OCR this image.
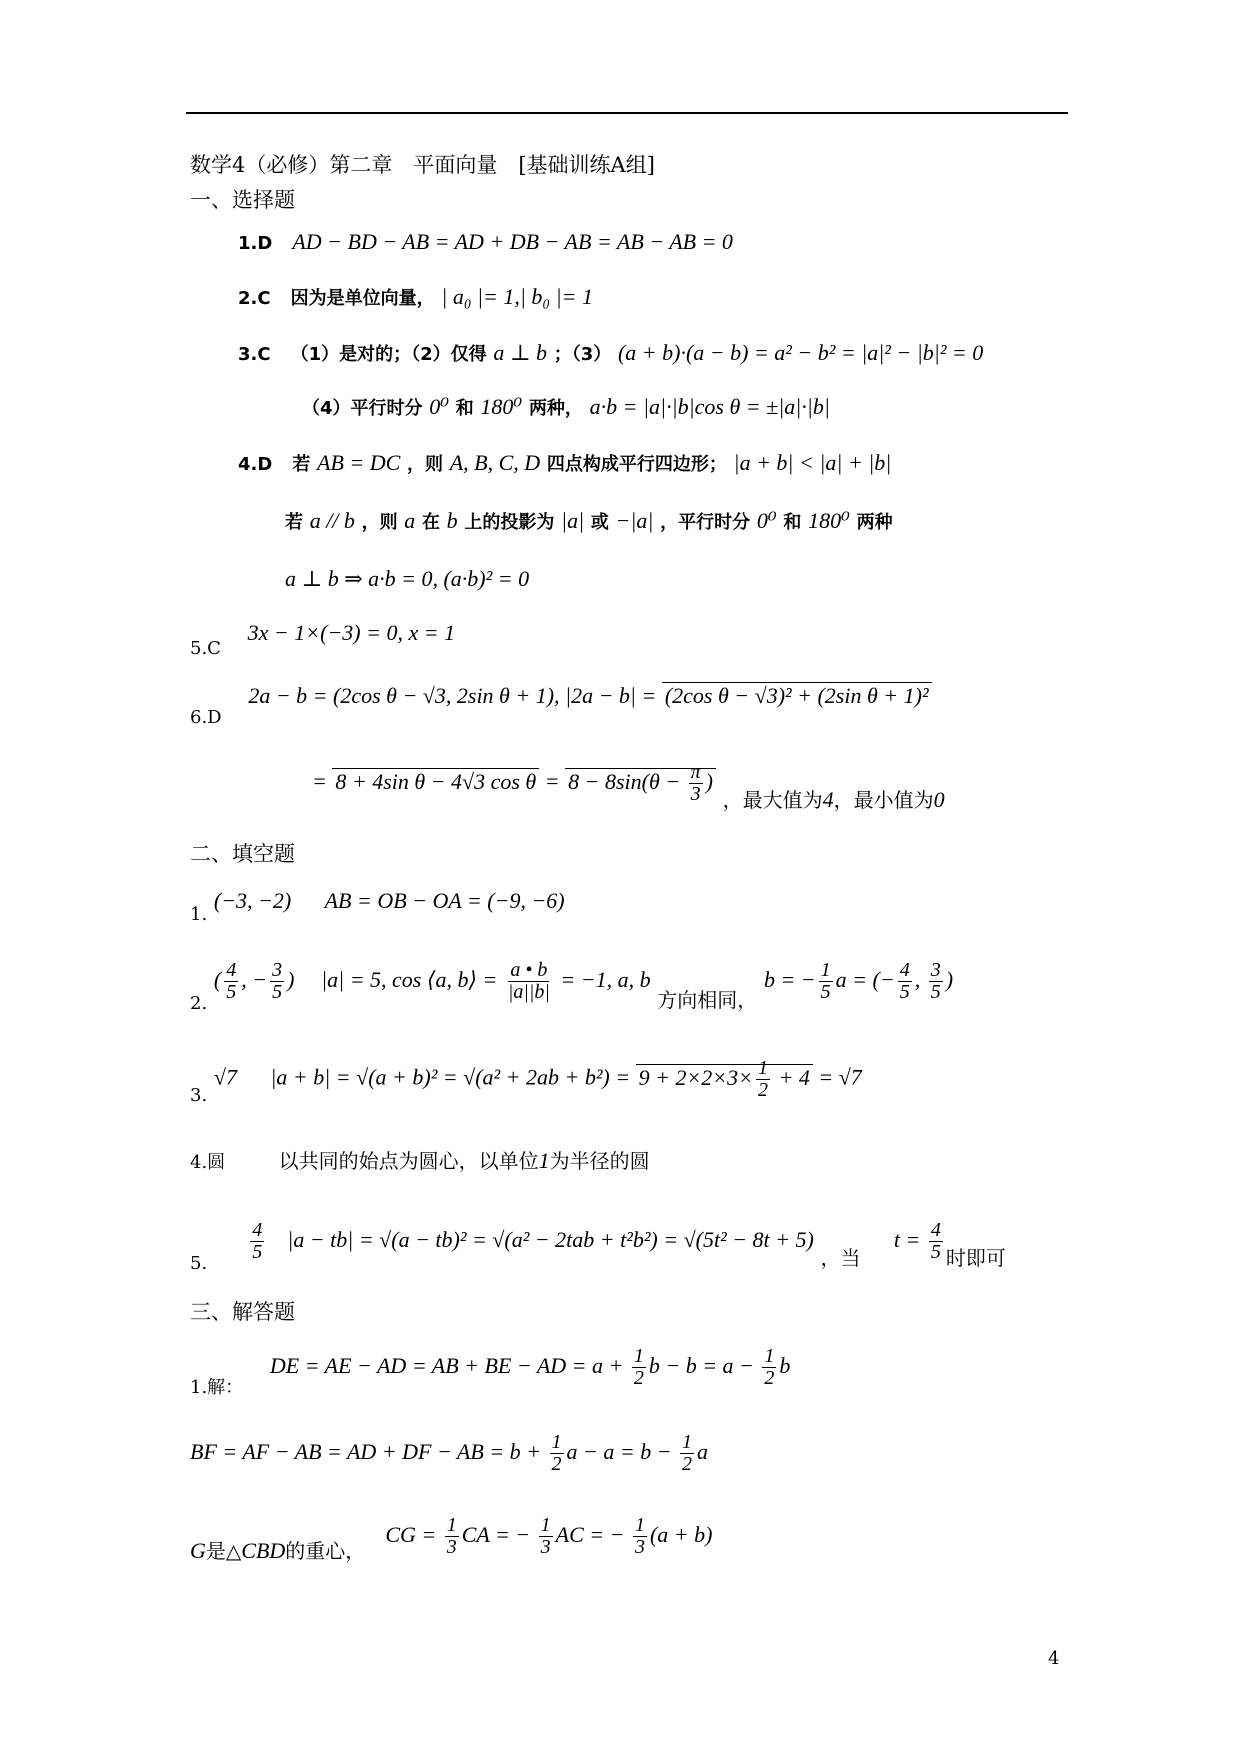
数学4（必修）第二章　平面向量　[基础训练A组]
一、选择题
1.D AD − BD − AB = AD + DB − AB = AB − AB = 0
2.C 因为是单位向量， | a₀ |= 1,| b₀ |= 1
3.C （1）是对的；（2）仅得 a ⊥ b ；（3） (a + b)·(a − b) = a² − b² = |a|² − |b|² = 0
（4）平行时分 0⁰ 和 180⁰ 两种， a·b = |a|·|b|cos θ = ±|a|·|b|
4.D 若 AB = DC ，则 A, B, C, D 四点构成平行四边形； |a + b| < |a| + |b|
若 a // b ，则 a 在 b 上的投影为 |a| 或 −|a| ，平行时分 0⁰ 和 180⁰ 两种
a ⊥ b ⇒ a·b = 0, (a·b)² = 0
5.C    3x − 1×(−3) = 0, x = 1
6.D    2a − b = (2cos θ − √3, 2sin θ + 1), |2a − b| = (2cos θ − √3)² + (2sin θ + 1)²
= 8 + 4sin θ − 4√3 $\cos \theta = 8 - 8\sin(\theta - \frac{\pi}{3}$ ) ，最大值为4，最小值为0
二、填空题
1. (−3, −2) AB = OB − OA = (−9, −6)
2. ( $\frac{4}{5}$ , − $\frac{3}{5}$ ) |a| = 5, cos ⟨a, b⟩ = $\frac{a • b}{|a||b|} = -1$, a, b 方向相同， b = − $\frac{1}{5}$ a = (− $\frac{4}{5}$ , $\frac{3}{5}$ )
3. √7 $|a + b| = √(a + b)^2 = √(a^2 + 2ab + b^2) = 9 + 2\times 2\times 3\times \frac{1}{2} + 4 = √7$
4.圆	以共同的始点为圆心，以单位1为半径的圆
5.
$\frac{4}{5} |a - tb| = √(a - tb)^2 = √(a^2 - 2tab + t^2b^2) = √(5t^2 - 8t + 5)$ ，当     $t = \frac{4}{5}$ 时即可
三、解答题
1.解：    DE = AE − AD = AB + BE − AD = $a + \frac{1}{2}$ $b - b = a - \frac{1}{2}$ b
BF = AF − AB = AD + DF − AB = $b + \frac{1}{2}$ $a - a = b - \frac{1}{2}$ a
G是△CBD的重心，   CG = $\frac{1}{3}$ CA = − $\frac{1}{3}$ AC = − $\frac{1}{3} (a + b)$
4
